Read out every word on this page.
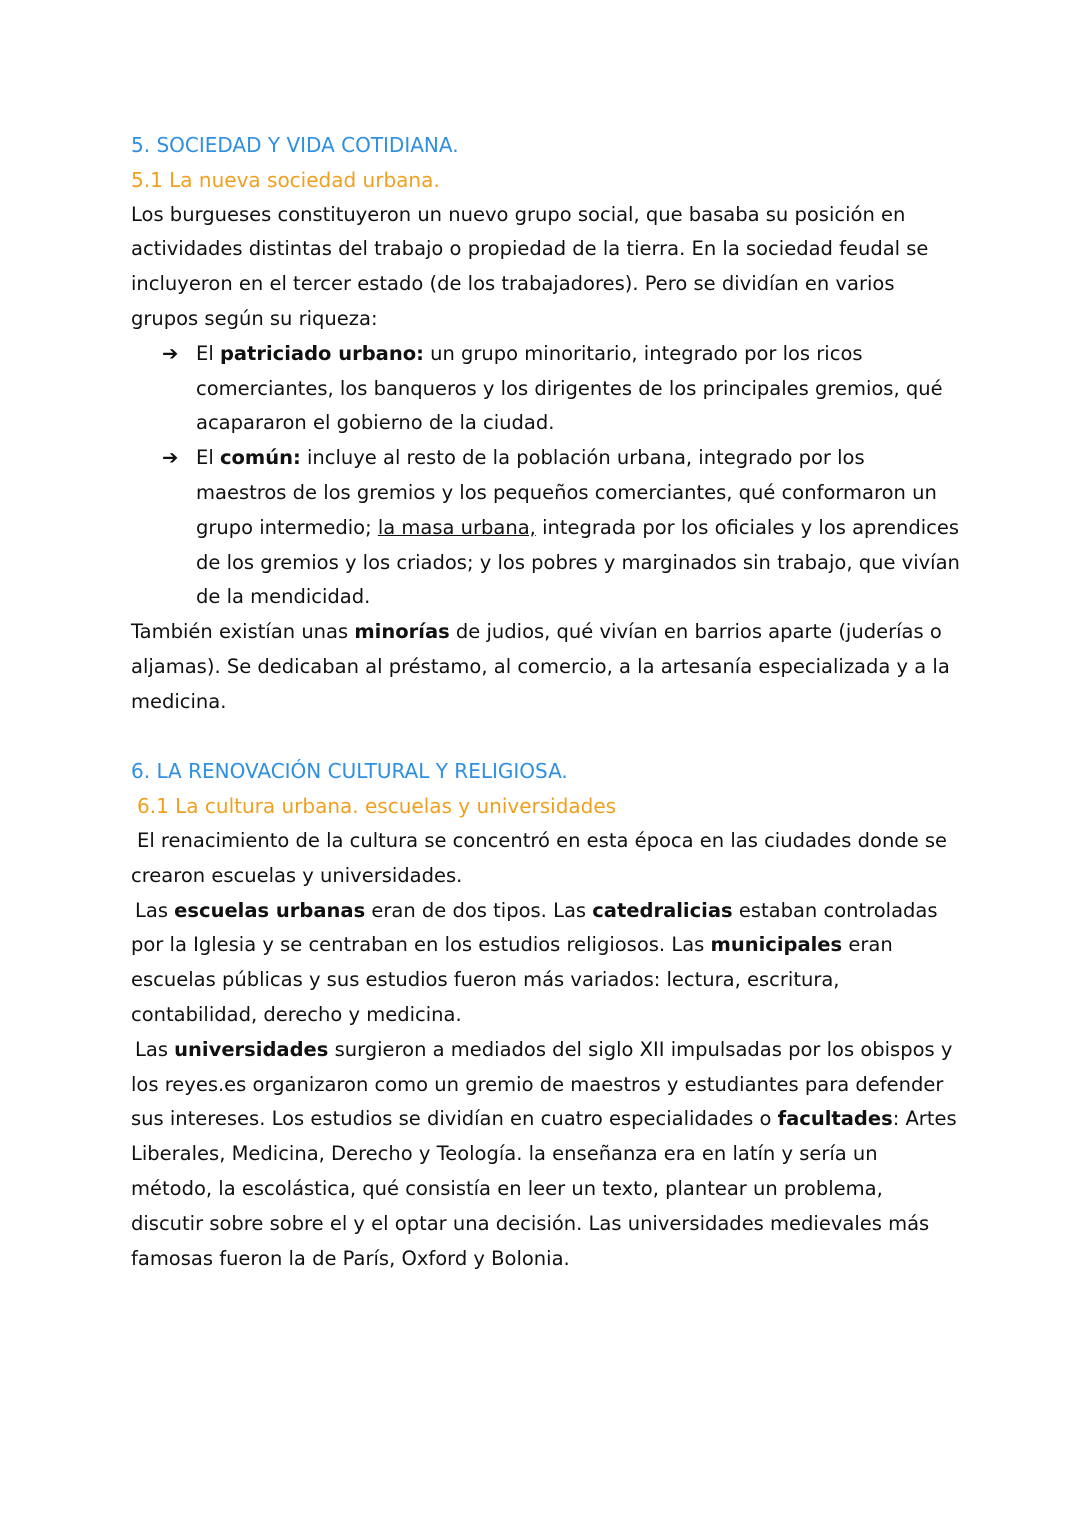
5. SOCIEDAD Y VIDA COTIDIANA.
5.1 La nueva sociedad urbana.

Los burgueses constituyeron un nuevo grupo social, que basaba su posición en actividades distintas del trabajo o propiedad de la tierra. En la sociedad feudal se incluyeron en el tercer estado (de los trabajadores). Pero se dividían en varios grupos según su riqueza:

➔ El patriciado urbano: un grupo minoritario, integrado por los ricos comerciantes, los banqueros y los dirigentes de los principales gremios, qué acapararon el gobierno de la ciudad.
➔ El común: incluye al resto de la población urbana, integrado por los maestros de los gremios y los pequeños comerciantes, qué conformaron un grupo intermedio; la masa urbana, integrada por los oficiales y los aprendices de los gremios y los criados; y los pobres y marginados sin trabajo, que vivían de la mendicidad.

También existían unas minorías de judios, qué vivían en barrios aparte (juderías o aljamas). Se dedicaban al préstamo, al comercio, a la artesanía especializada y a la medicina.

6. LA RENOVACIÓN CULTURAL Y RELIGIOSA.
6.1 La cultura urbana. escuelas y universidades

El renacimiento de la cultura se concentró en esta época en las ciudades donde se crearon escuelas y universidades.

Las escuelas urbanas eran de dos tipos. Las catedralicias estaban controladas por la Iglesia y se centraban en los estudios religiosos. Las municipales eran escuelas públicas y sus estudios fueron más variados: lectura, escritura, contabilidad, derecho y medicina.

Las universidades surgieron a mediados del siglo XII impulsadas por los obispos y los reyes.es organizaron como un gremio de maestros y estudiantes para defender sus intereses. Los estudios se dividían en cuatro especialidades o facultades: Artes Liberales, Medicina, Derecho y Teología. la enseñanza era en latín y sería un método, la escolástica, qué consistía en leer un texto, plantear un problema, discutir sobre sobre el y el optar una decisión. Las universidades medievales más famosas fueron la de París, Oxford y Bolonia.
